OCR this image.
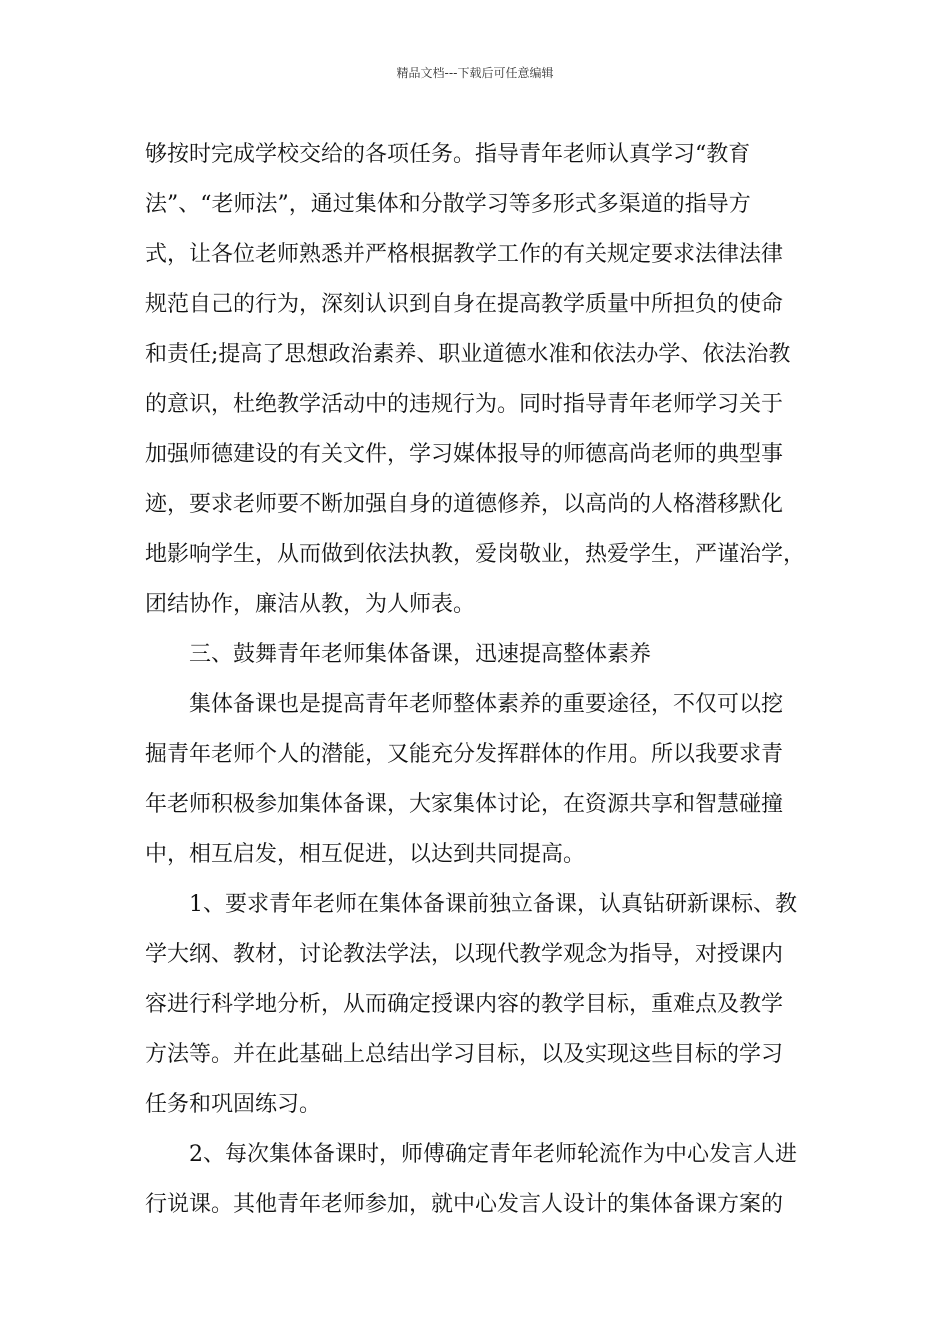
精品文档---下载后可任意编辑
够按时完成学校交给的各项任务。指导青年老师认真学习“教育
法”、“老师法”，通过集体和分散学习等多形式多渠道的指导方
式，让各位老师熟悉并严格根据教学工作的有关规定要求法律法律
规范自己的行为，深刻认识到自身在提高教学质量中所担负的使命
和责任;提高了思想政治素养、职业道德水准和依法办学、依法治教
的意识，杜绝教学活动中的违规行为。同时指导青年老师学习关于
加强师德建设的有关文件，学习媒体报导的师德高尚老师的典型事
迹，要求老师要不断加强自身的道德修养，以高尚的人格潜移默化
地影响学生，从而做到依法执教，爱岗敬业，热爱学生，严谨治学，
团结协作，廉洁从教，为人师表。
三、鼓舞青年老师集体备课，迅速提高整体素养
集体备课也是提高青年老师整体素养的重要途径，不仅可以挖
掘青年老师个人的潜能，又能充分发挥群体的作用。所以我要求青
年老师积极参加集体备课，大家集体讨论，在资源共享和智慧碰撞
中，相互启发，相互促进，以达到共同提高。
1、要求青年老师在集体备课前独立备课，认真钻研新课标、教
学大纲、教材，讨论教法学法，以现代教学观念为指导，对授课内
容进行科学地分析，从而确定授课内容的教学目标，重难点及教学
方法等。并在此基础上总结出学习目标，以及实现这些目标的学习
任务和巩固练习。
2、每次集体备课时，师傅确定青年老师轮流作为中心发言人进
行说课。其他青年老师参加，就中心发言人设计的集体备课方案的
